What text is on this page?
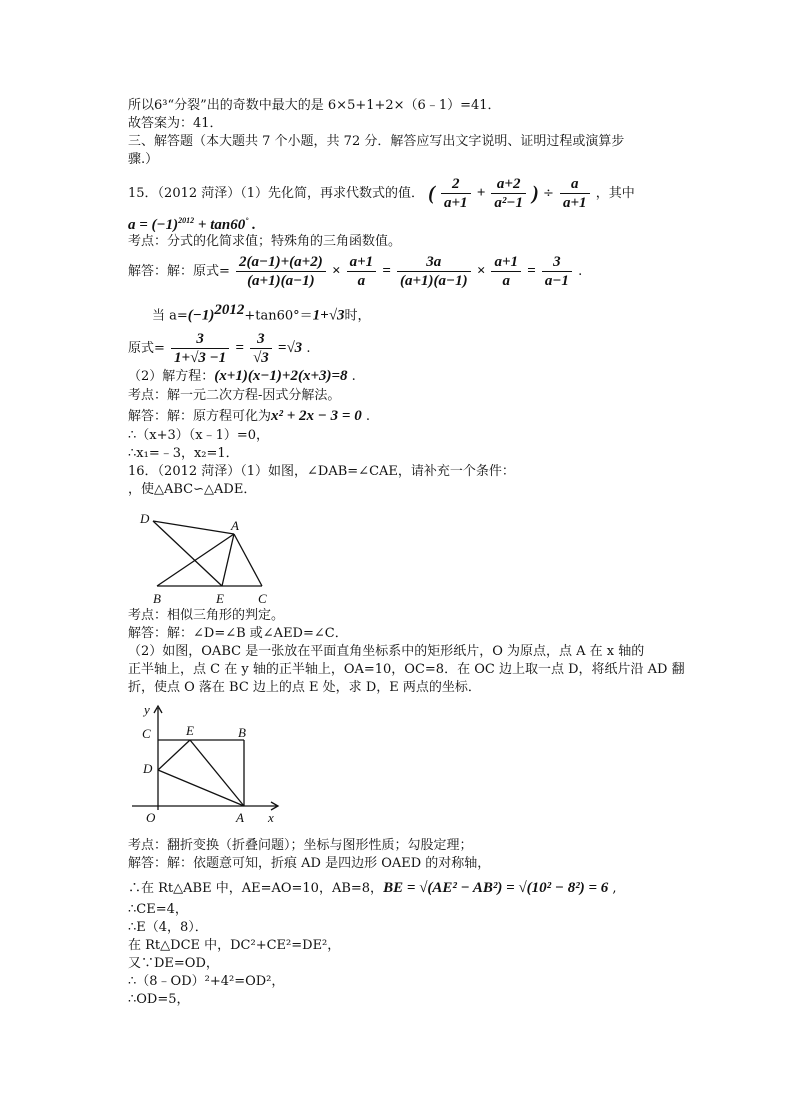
所以6³“分裂”出的奇数中最大的是 6×5+1+2×（6﹣1）=41．
故答案为：41．
三、解答题（本大题共 7 个小题，共 72 分．解答应写出文字说明、证明过程或演算步
骤.）
15．（2012 菏泽）（1）先化简，再求代数式的值． ( $\frac{2}{a+1} + \frac{a+2}{\text{a²−1}}$ ) ÷ $\frac{a}{a+1}$ ，其中
$a = (-1)^{2012} + \tan 60^\circ$ .
考点：分式的化简求值；特殊角的三角函数值。
解答：解：原式= $\frac{2(a-1)+(a+2)}{(a+1)(a-1)} \times \frac{a+1}{a} = \frac{3a}{(a+1)(a-1)} \times \frac{a+1}{a} = \frac{3}{a-1}$ .
当 $a=(-1)^{2012}+\tan 60^\circ=1+√3$时，
原式= $\frac{3}{1+√3 -1} = \frac{3}{√3} =√3$ .
（2）解方程：(x+1)(x−1)+2(x+3)=8 .
考点：解一元二次方程-因式分解法。
解答：解：原方程可化为x² + 2x − 3 = 0 .
∴（x+3）（x﹣1）=0，
∴x₁=﹣3，x₂=1．
16．（2012 菏泽）（1）如图，∠DAB=∠CAE，请补充一个条件：
，使△ABC∽△ADE．
D	A
B	E	C
考点：相似三角形的判定。
解答：解：∠D=∠B 或∠AED=∠C．
（2）如图，OABC 是一张放在平面直角坐标系中的矩形纸片，O 为原点，点 A 在 x 轴的
正半轴上，点 C 在 y 轴的正半轴上，OA=10，OC=8．在 OC 边上取一点 D，将纸片沿 AD 翻
折，使点 O 落在 BC 边上的点 E 处，求 D，E 两点的坐标．
y
C	E	B
D
O	A x
考点：翻折变换（折叠问题）；坐标与图形性质；勾股定理；
解答：解：依题意可知，折痕 AD 是四边形 OAED 的对称轴，
∴在 Rt△ABE 中，AE=AO=10，AB=8，BE = √(AE² − AB²) = √(10² − 8²) = 6 ,
∴CE=4，
∴E（4，8）．
在 Rt△DCE 中，DC²+CE²=DE²，
又∵DE=OD，
∴（8﹣OD）²+4²=OD²，
∴OD=5，
